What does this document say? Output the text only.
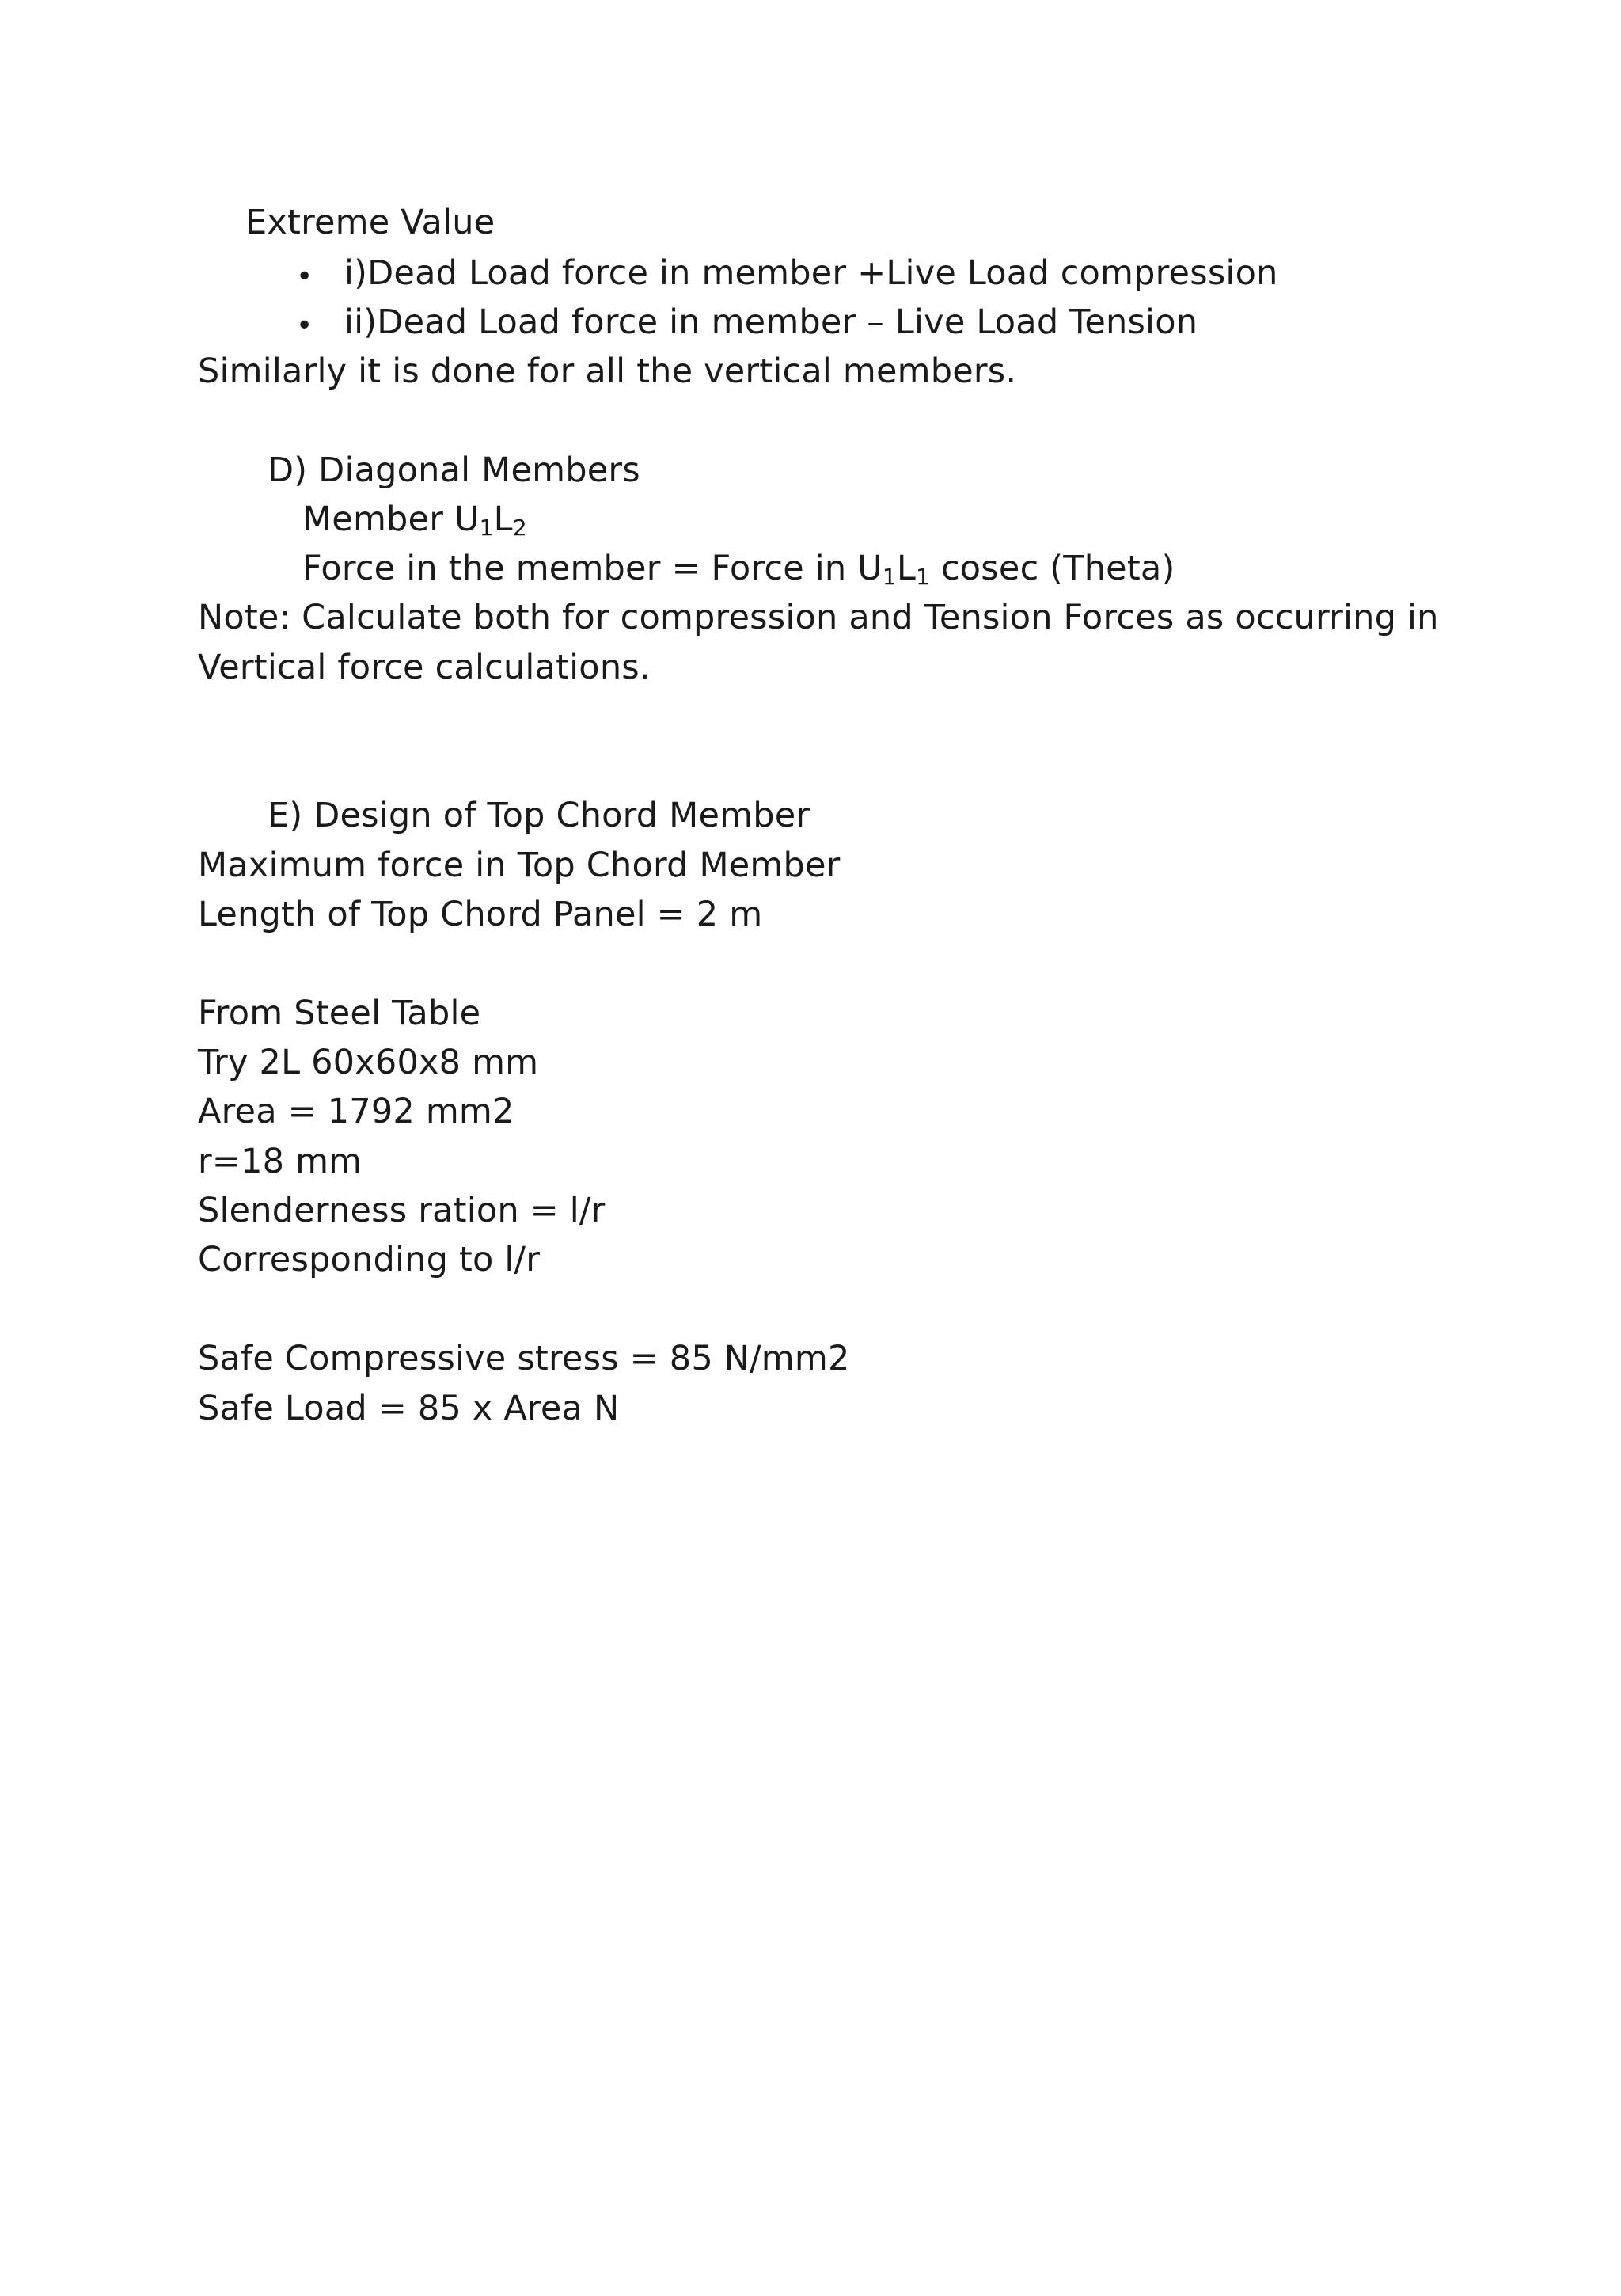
Extreme Value
• i)Dead Load force in member +Live Load compression
• ii)Dead Load force in member – Live Load Tension
Similarly it is done for all the vertical members.
D) Diagonal Members
Member $U_1L_2$
Force in the member = Force in $U_1L_1$ cosec (Theta)
Note: Calculate both for compression and Tension Forces as occurring in
Vertical force calculations.
E) Design of Top Chord Member
Maximum force in Top Chord Member
Length of Top Chord Panel = 2 m
From Steel Table
Try 2L 60x60x8 mm
Area = 1792 mm2
r=18 mm
Slenderness ration = l/r
Corresponding to l/r
Safe Compressive stress = 85 N/mm2
Safe Load = 85 x Area N
